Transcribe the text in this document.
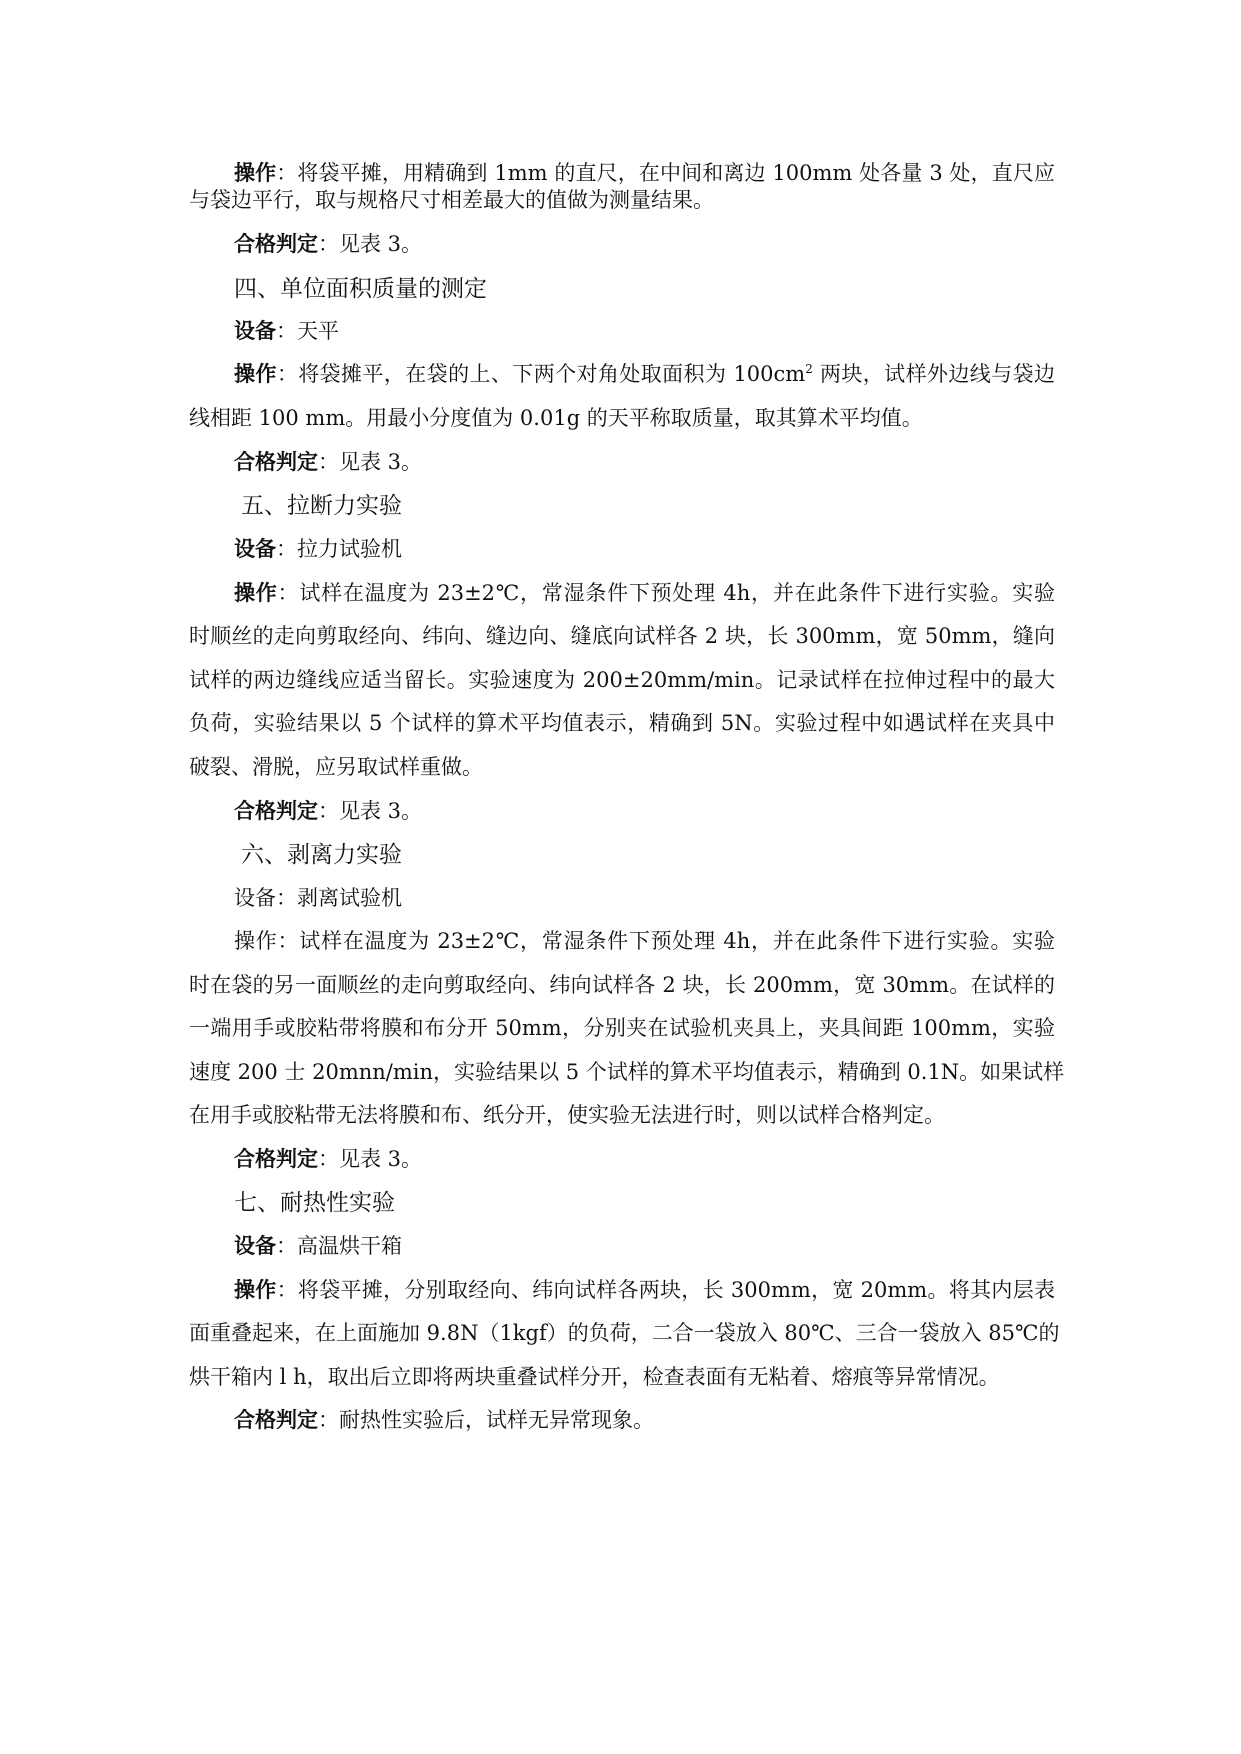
操作：将袋平摊，用精确到 1mm 的直尺，在中间和离边 100mm 处各量 3 处，直尺应
与袋边平行，取与规格尺寸相差最大的值做为测量结果。
合格判定：见表 3。
四、单位面积质量的测定
设备：天平
操作：将袋摊平，在袋的上、下两个对角处取面积为 $100cm^2$ 两块，试样外边线与袋边
线相距 100 mm。用最小分度值为 0.01g 的天平称取质量，取其算术平均值。
合格判定：见表 3。
五、拉断力实验
设备：拉力试验机
操作：试样在温度为 23±2℃，常湿条件下预处理 4h，并在此条件下进行实验。实验
时顺丝的走向剪取经向、纬向、缝边向、缝底向试样各 2 块，长 300mm，宽 50mm，缝向
试样的两边缝线应适当留长。实验速度为 200±20mm/min。记录试样在拉伸过程中的最大
负荷，实验结果以 5 个试样的算术平均值表示，精确到 5N。实验过程中如遇试样在夹具中
破裂、滑脱，应另取试样重做。
合格判定：见表 3。
六、剥离力实验
设备：剥离试验机
操作：试样在温度为 23±2℃，常湿条件下预处理 4h，并在此条件下进行实验。实验
时在袋的另一面顺丝的走向剪取经向、纬向试样各 2 块，长 200mm，宽 30mm。在试样的
一端用手或胶粘带将膜和布分开 50mm，分别夹在试验机夹具上，夹具间距 100mm，实验
速度 200 士 20mnn/min，实验结果以 5 个试样的算术平均值表示，精确到 0.1N。如果试样
在用手或胶粘带无法将膜和布、纸分开，使实验无法进行时，则以试样合格判定。
合格判定：见表 3。
七、耐热性实验
设备：高温烘干箱
操作：将袋平摊，分别取经向、纬向试样各两块，长 300mm，宽 20mm。将其内层表
面重叠起来，在上面施加 9.8N（1kgf）的负荷，二合一袋放入 80℃、三合一袋放入 85℃的
烘干箱内 l h，取出后立即将两块重叠试样分开，检查表面有无粘着、熔痕等异常情况。
合格判定：耐热性实验后，试样无异常现象。
